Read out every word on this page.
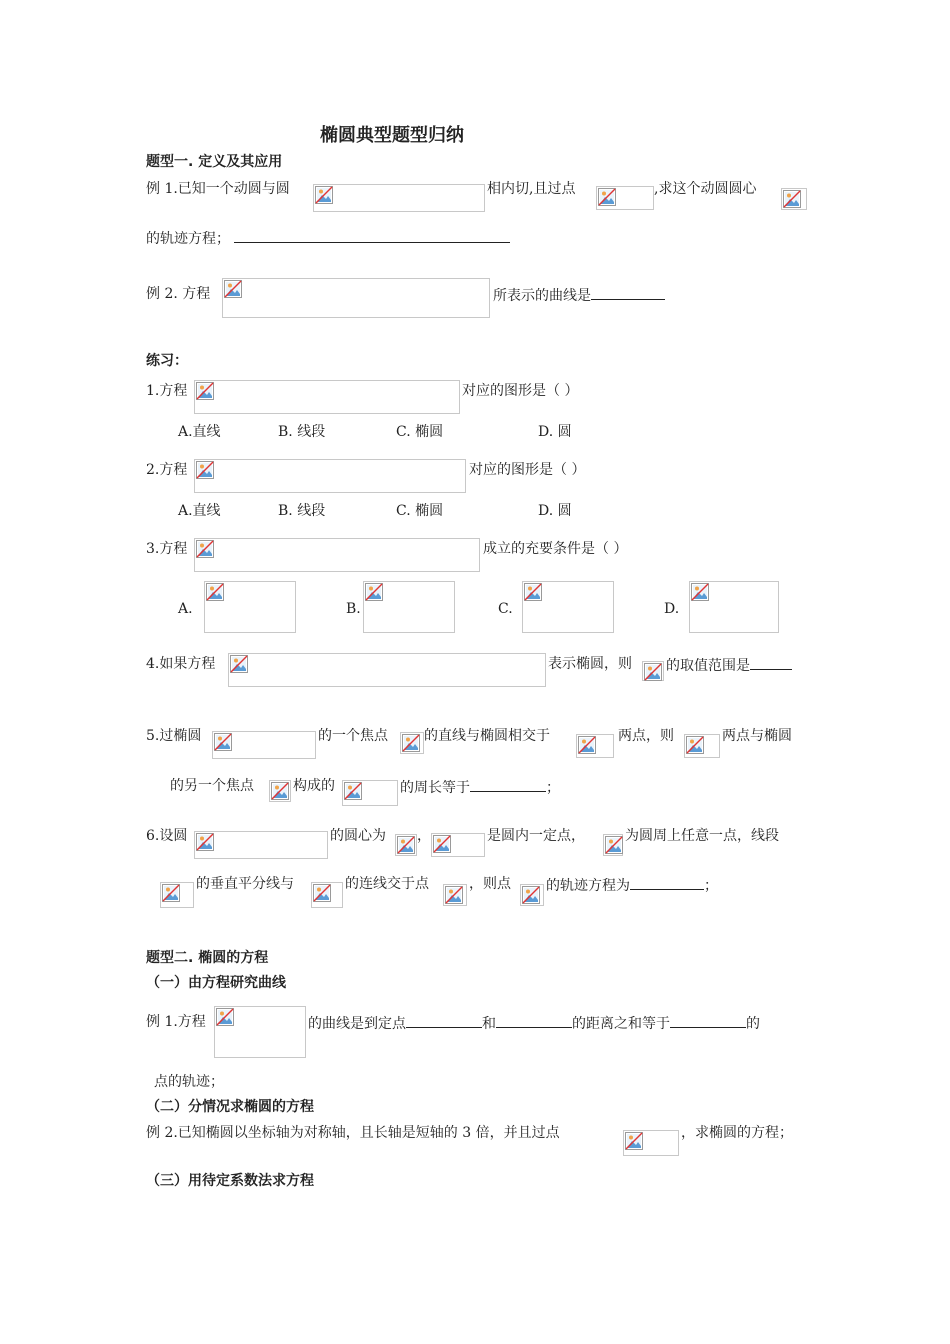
椭圆典型题型归纳
题型一. 定义及其应用
例 1.已知一个动圆与圆	相内切,且过点	,求这个动圆圆心
的轨迹方程；
例 2. 方程	所表示的曲线是
练习：
1.方程	对应的图形是（ ）
A.直线	B. 线段	C. 椭圆	D. 圆
2.方程	对应的图形是（ ）
A.直线	B. 线段	C. 椭圆	D. 圆
3.方程	成立的充要条件是（ ）
A.	B.	C.	D.
4.如果方程	表示椭圆，则 的取值范围是
5.过椭圆	的一个焦点	的直线与椭圆相交于	两点，则	两点与椭圆
的另一个焦点	构成的	的周长等于	；
6.设圆	的圆心为 ，	是圆内一定点，	为圆周上任意一点，线段
的垂直平分线与	的连线交于点	，则点	的轨迹方程为	；
题型二. 椭圆的方程
（一）由方程研究曲线
例 1.方程	的曲线是到定点	和	的距离之和等于	的
点的轨迹；
（二）分情况求椭圆的方程
例 2.已知椭圆以坐标轴为对称轴，且长轴是短轴的 3 倍，并且过点	，求椭圆的方程；
（三）用待定系数法求方程
